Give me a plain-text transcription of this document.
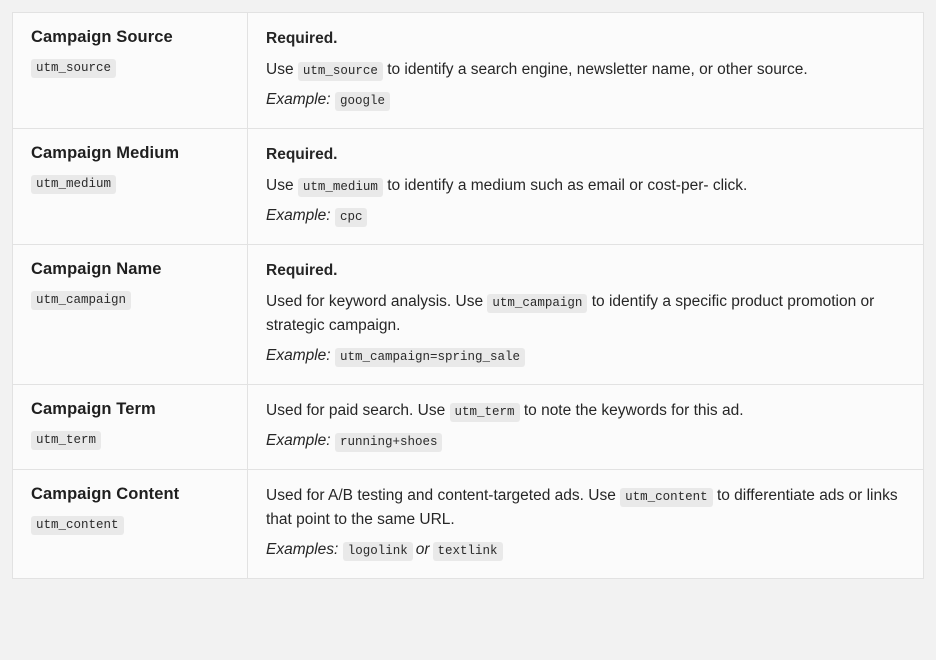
Campaign Source
utm_source	
Required.
Use utm_source to identify a search engine, newsletter name, or other source.
Example: google

Campaign Medium
utm_medium	
Required.
Use utm_medium to identify a medium such as email or cost-per- click.
Example: cpc

Campaign Name
utm_campaign	
Required.
Used for keyword analysis. Use utm_campaign to identify a specific product promotion or strategic campaign.
Example: utm_campaign=spring_sale

Campaign Term
utm_term	
Used for paid search. Use utm_term to note the keywords for this ad.
Example: running+shoes

Campaign Content
utm_content	
Used for A/B testing and content-targeted ads. Use utm_content to differentiate ads or links that point to the same URL.
Examples: logolink or textlink
